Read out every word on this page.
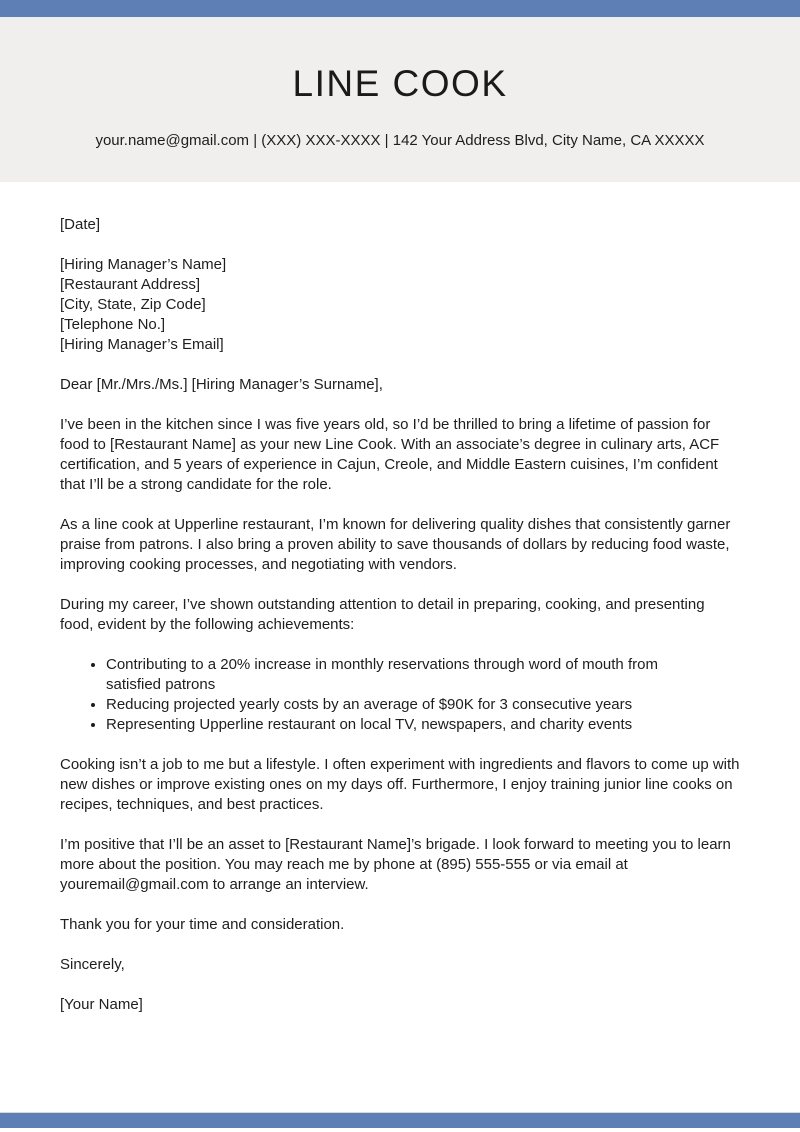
LINE COOK
your.name@gmail.com | (XXX) XXX-XXXX | 142 Your Address Blvd, City Name, CA XXXXX

[Date]

[Hiring Manager’s Name]

[Restaurant Address]

[City, State, Zip Code]

[Telephone No.]

[Hiring Manager’s Email]

Dear [Mr./Mrs./Ms.] [Hiring Manager’s Surname],

I’ve been in the kitchen since I was five years old, so I’d be thrilled to bring a lifetime of passion for food to [Restaurant Name] as your new Line Cook. With an associate’s degree in culinary arts, ACF certification, and 5 years of experience in Cajun, Creole, and Middle Eastern cuisines, I’m confident that I’ll be a strong candidate for the role.

As a line cook at Upperline restaurant, I’m known for delivering quality dishes that consistently garner praise from patrons. I also bring a proven ability to save thousands of dollars by reducing food waste, improving cooking processes, and negotiating with vendors.

During my career, I’ve shown outstanding attention to detail in preparing, cooking, and presenting food, evident by the following achievements:

• Contributing to a 20% increase in monthly reservations through word of mouth from satisfied patrons
• Reducing projected yearly costs by an average of $90K for 3 consecutive years
• Representing Upperline restaurant on local TV, newspapers, and charity events

Cooking isn’t a job to me but a lifestyle. I often experiment with ingredients and flavors to come up with new dishes or improve existing ones on my days off. Furthermore, I enjoy training junior line cooks on recipes, techniques, and best practices.

I’m positive that I’ll be an asset to [Restaurant Name]’s brigade. I look forward to meeting you to learn more about the position. You may reach me by phone at (895) 555-555 or via email at youremail@gmail.com to arrange an interview.

Thank you for your time and consideration.

Sincerely,

[Your Name]
